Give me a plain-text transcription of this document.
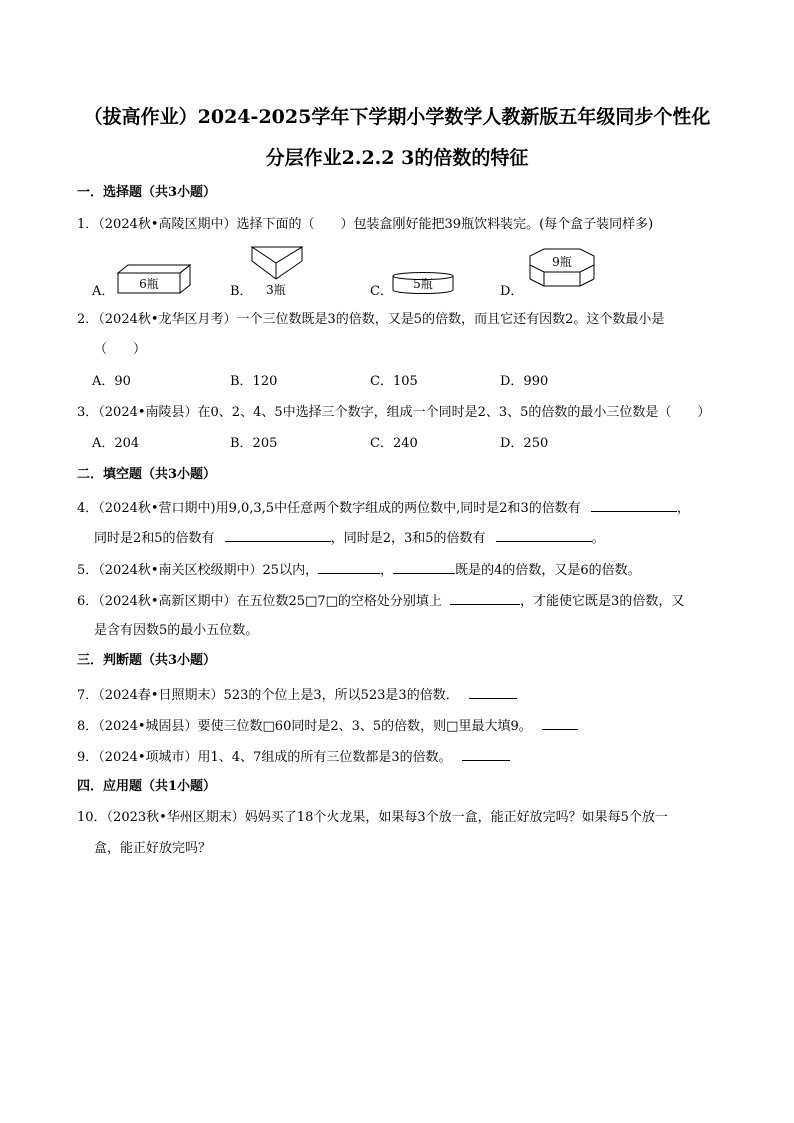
（拔高作业）2024-2025学年下学期小学数学人教新版五年级同步个性化
分层作业2.2.2 3的倍数的特征
一．选择题（共3小题）
1．（2024秋•高陵区期中）选择下面的（　　）包装盒刚好能把39瓶饮料装完。(每个盒子装同样多)
A． 6瓶	B． 3瓶	C． 5瓶	D．
9瓶
2．（2024秋•龙华区月考）一个三位数既是3的倍数，又是5的倍数，而且它还有因数2。这个数最小是
（　　）
A．90	B．120	C．105	D．990
3．（2024•南陵县）在0、2、4、5中选择三个数字，组成一个同时是2、3、5的倍数的最小三位数是（　　）
A．204	B．205	C．240	D．250
二．填空题（共3小题）
4．（2024秋•营口期中)用9,0,3,5中任意两个数字组成的两位数中,同时是2和3的倍数有	，
同时是2和5的倍数有	，同时是2，3和5的倍数有	。
5．（2024秋•南关区校级期中）25以内，	，	既是的4的倍数，又是6的倍数。
6．（2024秋•高新区期中）在五位数25□7□的空格处分别填上	，才能使它既是3的倍数，又
是含有因数5的最小五位数。
三．判断题（共3小题）
7．（2024春•日照期末）523的个位上是3，所以523是3的倍数．
8．（2024•城固县）要使三位数□60同时是2、3、5的倍数，则□里最大填9。
9．（2024•项城市）用1、4、7组成的所有三位数都是3的倍数。
四．应用题（共1小题）
10．（2023秋•华州区期末）妈妈买了18个火龙果，如果每3个放一盒，能正好放完吗？如果每5个放一
盒，能正好放完吗？
